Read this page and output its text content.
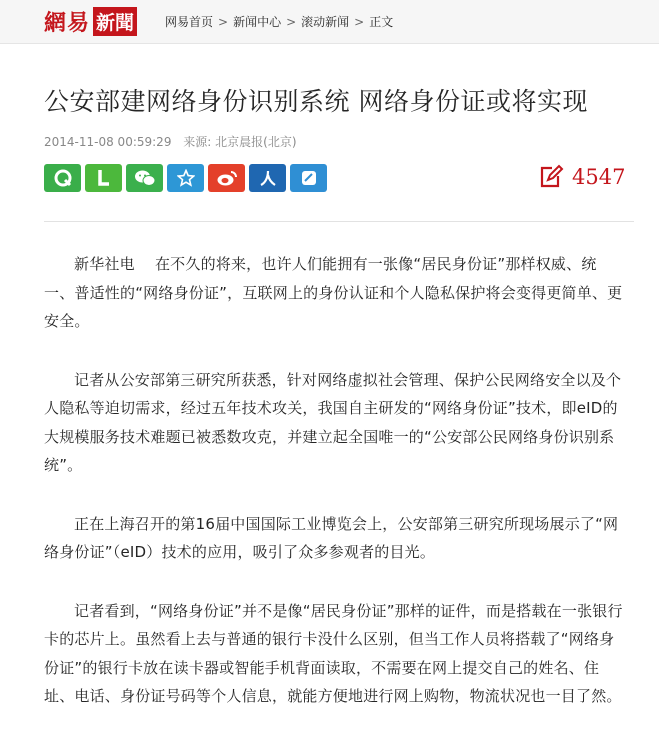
網易 新聞	网易首页 > 新闻中心 > 滚动新闻 > 正文
公安部建网络身份识别系统 网络身份证或将实现
2014-11-08 00:59:29 来源: 北京晨报(北京)
4547

新华社电　 在不久的将来，也许人们能拥有一张像“居民身份证”那样权威、统一、普适性的“网络身份证”，互联网上的身份认证和个人隐私保护将会变得更简单、更安全。

记者从公安部第三研究所获悉，针对网络虚拟社会管理、保护公民网络安全以及个人隐私等迫切需求，经过五年技术攻关，我国自主研发的“网络身份证”技术，即eID的大规模服务技术难题已被悉数攻克，并建立起全国唯一的“公安部公民网络身份识别系统”。

正在上海召开的第16届中国国际工业博览会上，公安部第三研究所现场展示了“网络身份证”（eID）技术的应用，吸引了众多参观者的目光。

记者看到，“网络身份证”并不是像“居民身份证”那样的证件，而是搭载在一张银行卡的芯片上。虽然看上去与普通的银行卡没什么区别，但当工作人员将搭载了“网络身份证”的银行卡放在读卡器或智能手机背面读取，不需要在网上提交自己的姓名、住址、电话、身份证号码等个人信息，就能方便地进行网上购物，物流状况也一目了然。
